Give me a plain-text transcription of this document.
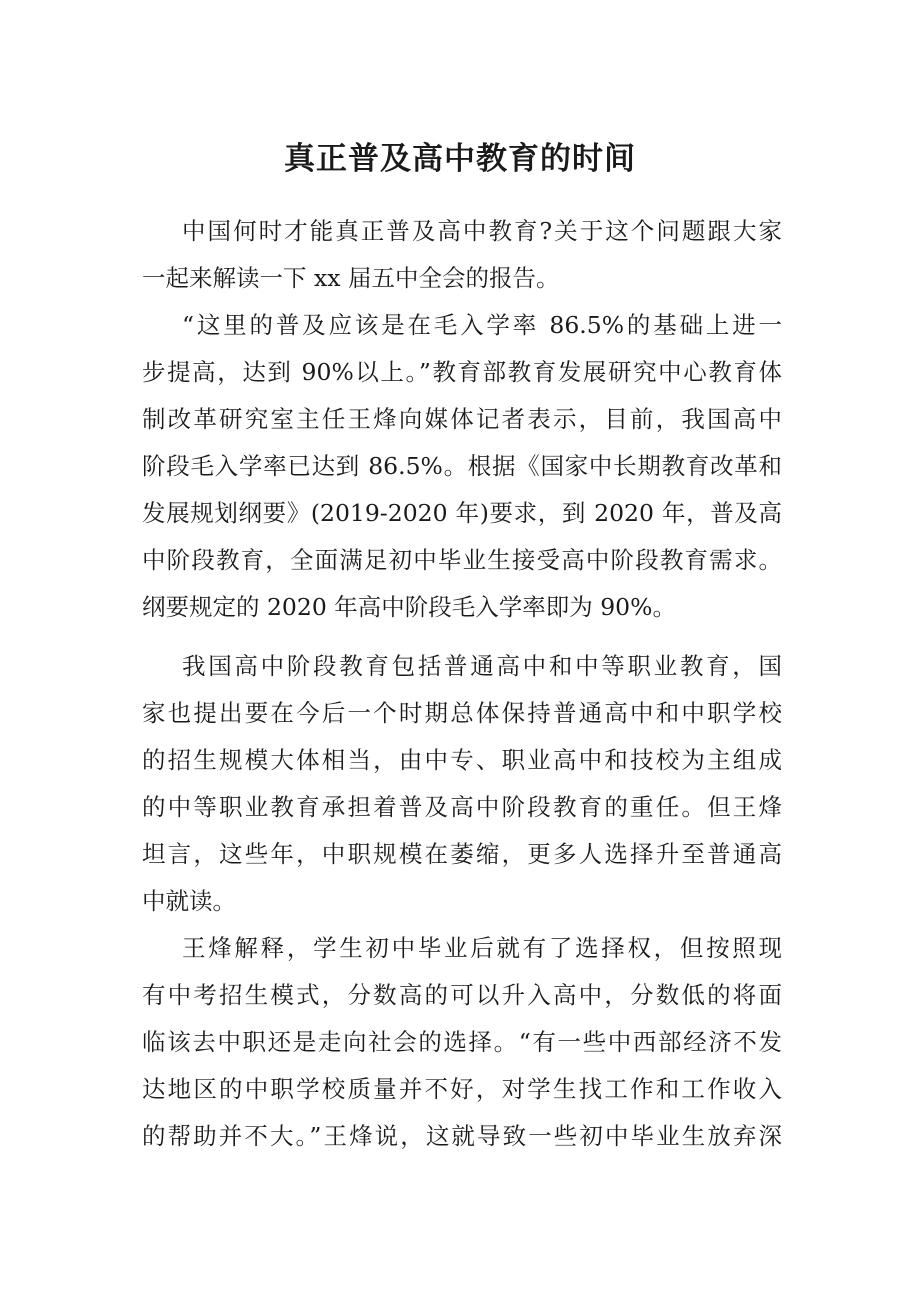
真正普及高中教育的时间

中国何时才能真正普及高中教育?关于这个问题跟大家
一起来解读一下 xx 届五中全会的报告。

“这里的普及应该是在毛入学率 86.5%的基础上进一
步提高，达到 90%以上。”教育部教育发展研究中心教育体
制改革研究室主任王烽向媒体记者表示，目前，我国高中
阶段毛入学率已达到 86.5%。根据《国家中长期教育改革和
发展规划纲要》(2019-2020 年)要求，到 2020 年，普及高
中阶段教育，全面满足初中毕业生接受高中阶段教育需求。
纲要规定的 2020 年高中阶段毛入学率即为 90%。

我国高中阶段教育包括普通高中和中等职业教育，国
家也提出要在今后一个时期总体保持普通高中和中职学校
的招生规模大体相当，由中专、职业高中和技校为主组成
的中等职业教育承担着普及高中阶段教育的重任。但王烽
坦言，这些年，中职规模在萎缩，更多人选择升至普通高
中就读。

王烽解释，学生初中毕业后就有了选择权，但按照现
有中考招生模式，分数高的可以升入高中，分数低的将面
临该去中职还是走向社会的选择。“有一些中西部经济不发
达地区的中职学校质量并不好，对学生找工作和工作收入
的帮助并不大。”王烽说，这就导致一些初中毕业生放弃深
